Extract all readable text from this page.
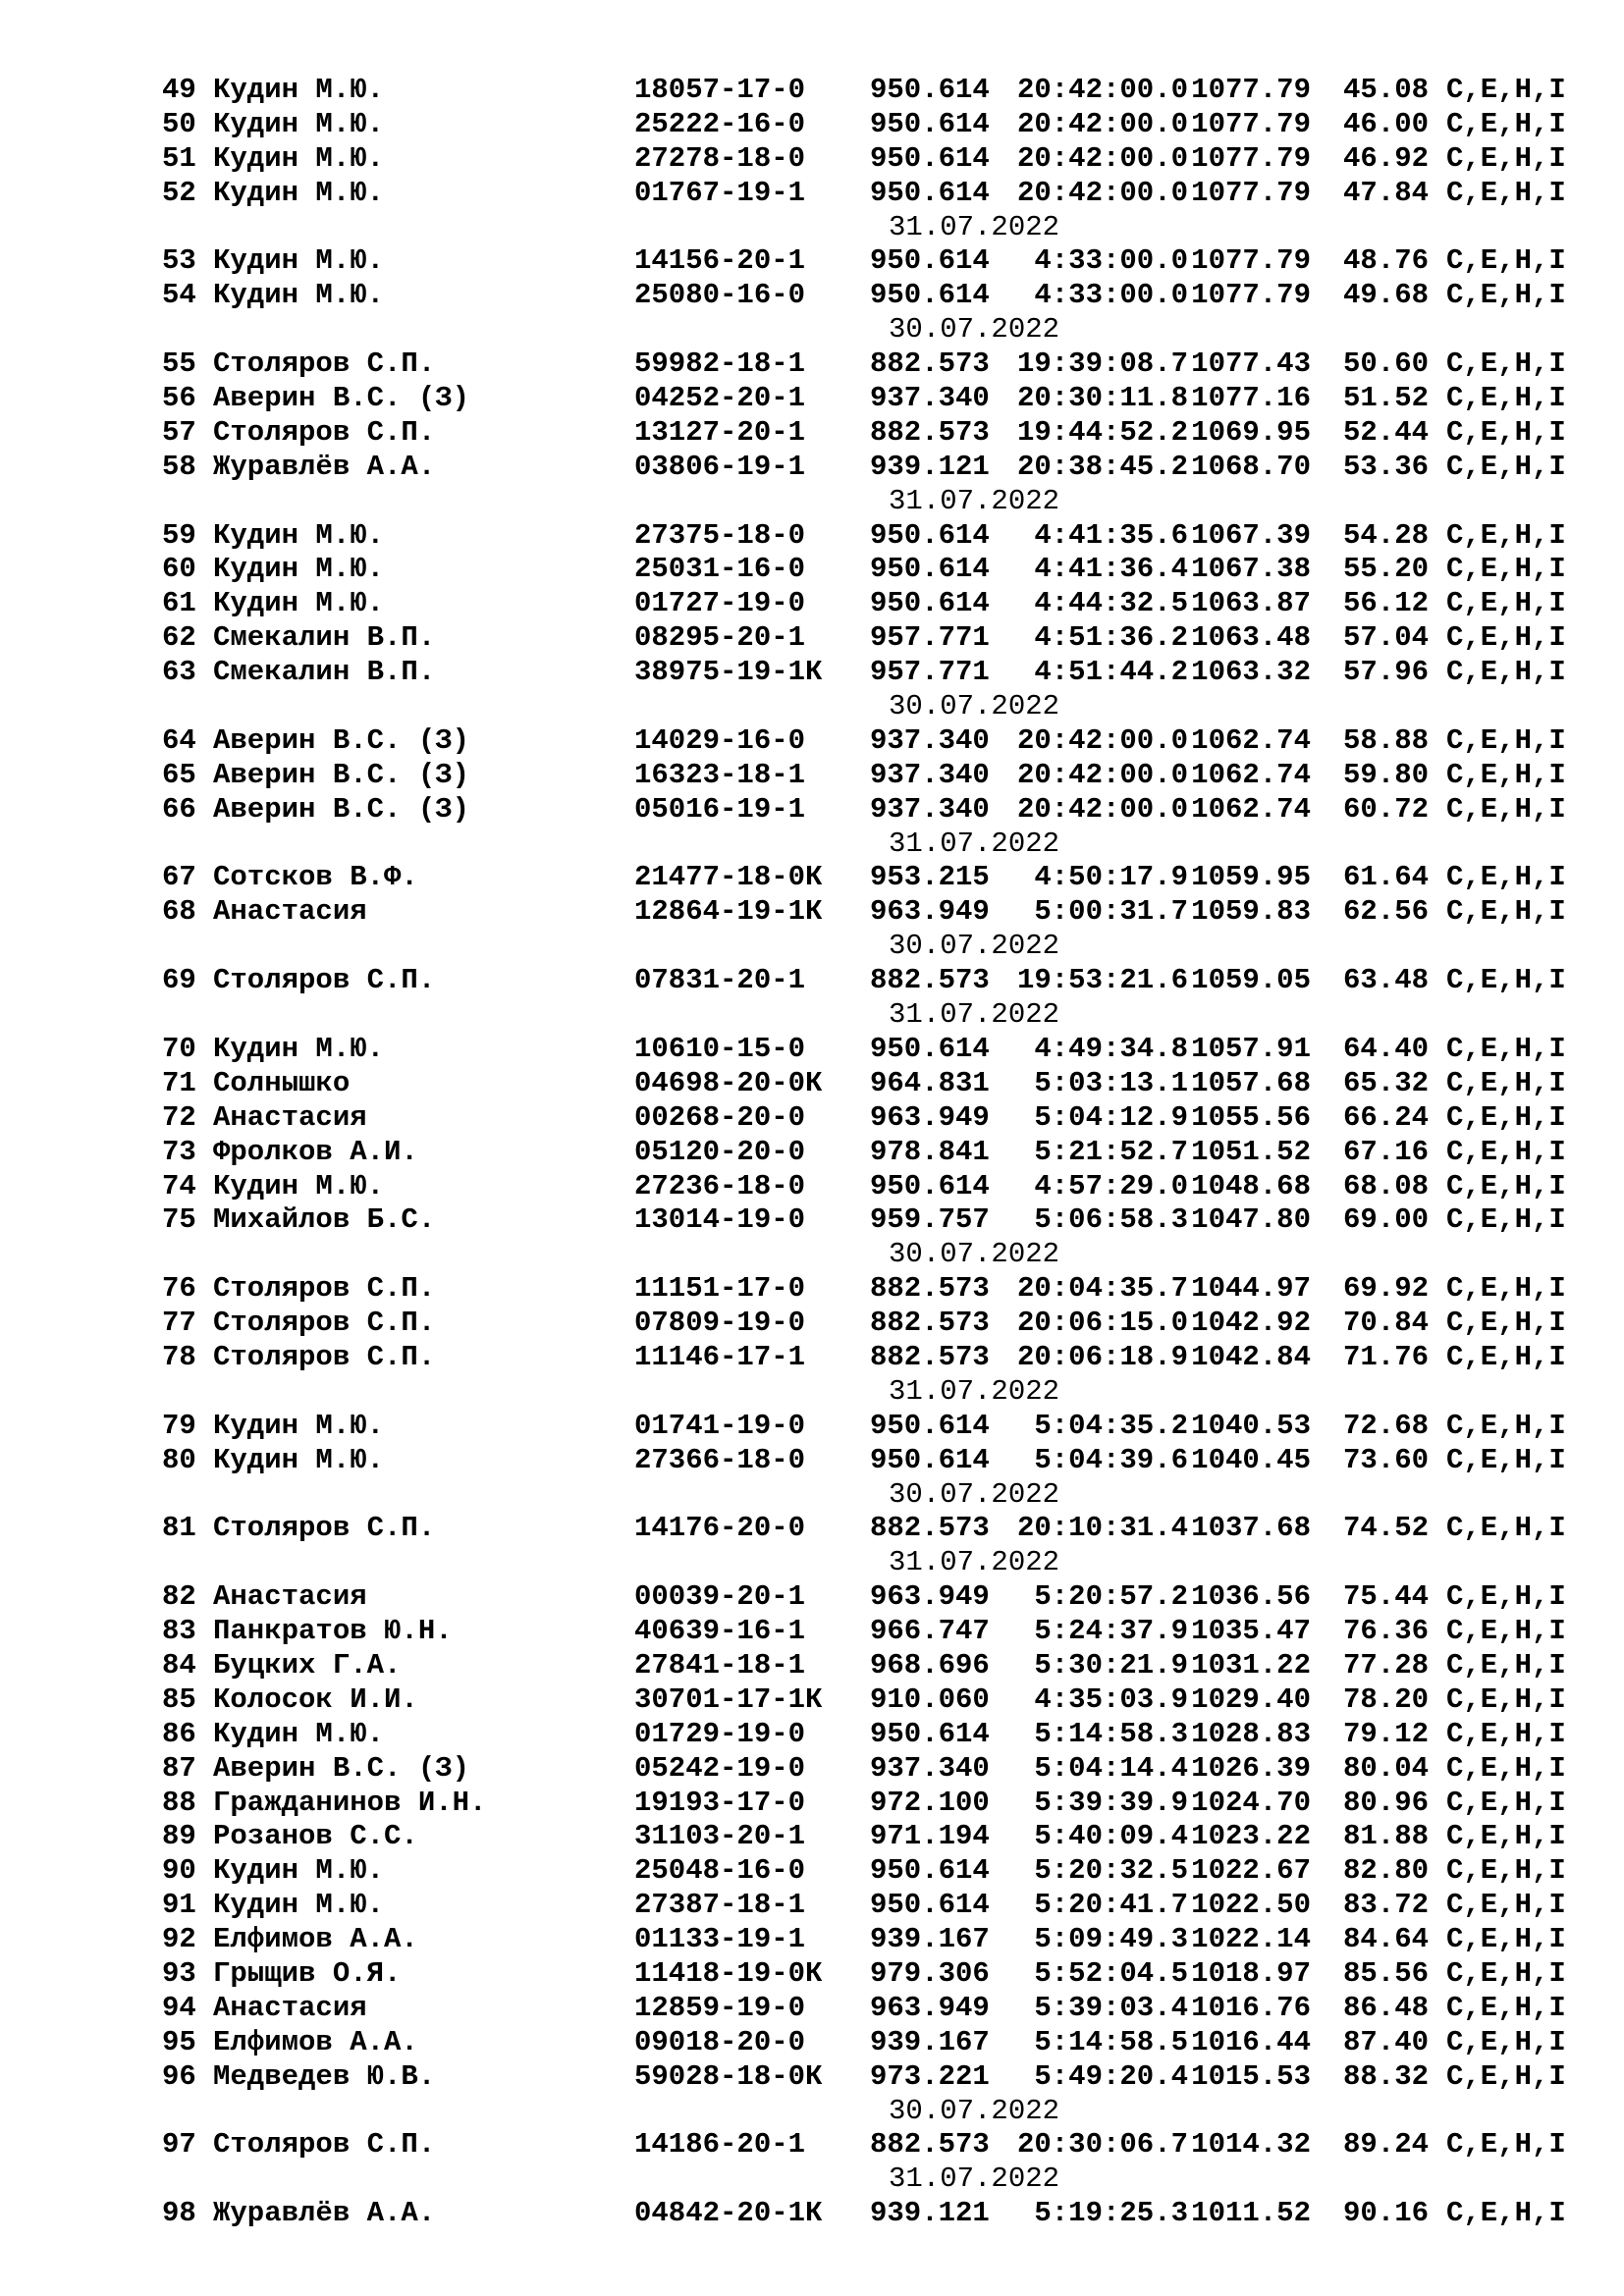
49 Кудин М.Ю.	18057-17-0 950.614 20:42:00.0 1077.79 45.08 C,E,H,I
50 Кудин М.Ю.	25222-16-0 950.614 20:42:00.0 1077.79 46.00 C,E,H,I
51 Кудин М.Ю.	27278-18-0 950.614 20:42:00.0 1077.79 46.92 C,E,H,I
52 Кудин М.Ю.	01767-19-1 950.614 20:42:00.0 1077.79 47.84 C,E,H,I
31.07.2022
53 Кудин М.Ю.	14156-20-1 950.614 4:33:00.0 1077.79 48.76 C,E,H,I
54 Кудин М.Ю.	25080-16-0 950.614 4:33:00.0 1077.79 49.68 C,E,H,I
30.07.2022
55 Столяров С.П.	59982-18-1 882.573 19:39:08.7 1077.43 50.60 C,E,H,I
56 Аверин В.С. (З)	04252-20-1 937.340 20:30:11.8 1077.16 51.52 C,E,H,I
57 Столяров С.П.	13127-20-1 882.573 19:44:52.2 1069.95 52.44 C,E,H,I
58 Журавлёв А.А.	03806-19-1 939.121 20:38:45.2 1068.70 53.36 C,E,H,I
31.07.2022
59 Кудин М.Ю.	27375-18-0 950.614 4:41:35.6 1067.39 54.28 C,E,H,I
60 Кудин М.Ю.	25031-16-0 950.614 4:41:36.4 1067.38 55.20 C,E,H,I
61 Кудин М.Ю.	01727-19-0 950.614 4:44:32.5 1063.87 56.12 C,E,H,I
62 Смекалин В.П.	08295-20-1 957.771 4:51:36.2 1063.48 57.04 C,E,H,I
63 Смекалин В.П.	38975-19-1К 957.771 4:51:44.2 1063.32 57.96 C,E,H,I
30.07.2022
64 Аверин В.С. (З)	14029-16-0 937.340 20:42:00.0 1062.74 58.88 C,E,H,I
65 Аверин В.С. (З)	16323-18-1 937.340 20:42:00.0 1062.74 59.80 C,E,H,I
66 Аверин В.С. (З)	05016-19-1 937.340 20:42:00.0 1062.74 60.72 C,E,H,I
31.07.2022
67 Сотсков В.Ф.	21477-18-0К 953.215 4:50:17.9 1059.95 61.64 C,E,H,I
68 Анастасия	12864-19-1К 963.949 5:00:31.7 1059.83 62.56 C,E,H,I
30.07.2022
69 Столяров С.П.	07831-20-1 882.573 19:53:21.6 1059.05 63.48 C,E,H,I
31.07.2022
70 Кудин М.Ю.	10610-15-0 950.614 4:49:34.8 1057.91 64.40 C,E,H,I
71 Солнышко	04698-20-0К 964.831 5:03:13.1 1057.68 65.32 C,E,H,I
72 Анастасия	00268-20-0 963.949 5:04:12.9 1055.56 66.24 C,E,H,I
73 Фролков А.И.	05120-20-0 978.841 5:21:52.7 1051.52 67.16 C,E,H,I
74 Кудин М.Ю.	27236-18-0 950.614 4:57:29.0 1048.68 68.08 C,E,H,I
75 Михайлов Б.С.	13014-19-0 959.757 5:06:58.3 1047.80 69.00 C,E,H,I
30.07.2022
76 Столяров С.П.	11151-17-0 882.573 20:04:35.7 1044.97 69.92 C,E,H,I
77 Столяров С.П.	07809-19-0 882.573 20:06:15.0 1042.92 70.84 C,E,H,I
78 Столяров С.П.	11146-17-1 882.573 20:06:18.9 1042.84 71.76 C,E,H,I
31.07.2022
79 Кудин М.Ю.	01741-19-0 950.614 5:04:35.2 1040.53 72.68 C,E,H,I
80 Кудин М.Ю.	27366-18-0 950.614 5:04:39.6 1040.45 73.60 C,E,H,I
30.07.2022
81 Столяров С.П.	14176-20-0 882.573 20:10:31.4 1037.68 74.52 C,E,H,I
31.07.2022
82 Анастасия	00039-20-1 963.949 5:20:57.2 1036.56 75.44 C,E,H,I
83 Панкратов Ю.Н.	40639-16-1 966.747 5:24:37.9 1035.47 76.36 C,E,H,I
84 Буцких Г.А.	27841-18-1 968.696 5:30:21.9 1031.22 77.28 C,E,H,I
85 Колосок И.И.	30701-17-1К 910.060 4:35:03.9 1029.40 78.20 C,E,H,I
86 Кудин М.Ю.	01729-19-0 950.614 5:14:58.3 1028.83 79.12 C,E,H,I
87 Аверин В.С. (З)	05242-19-0 937.340 5:04:14.4 1026.39 80.04 C,E,H,I
88 Гражданинов И.Н.	19193-17-0 972.100 5:39:39.9 1024.70 80.96 C,E,H,I
89 Розанов С.С.	31103-20-1 971.194 5:40:09.4 1023.22 81.88 C,E,H,I
90 Кудин М.Ю.	25048-16-0 950.614 5:20:32.5 1022.67 82.80 C,E,H,I
91 Кудин М.Ю.	27387-18-1 950.614 5:20:41.7 1022.50 83.72 C,E,H,I
92 Елфимов А.А.	01133-19-1 939.167 5:09:49.3 1022.14 84.64 C,E,H,I
93 Грыщив О.Я.	11418-19-0К 979.306 5:52:04.5 1018.97 85.56 C,E,H,I
94 Анастасия	12859-19-0 963.949 5:39:03.4 1016.76 86.48 C,E,H,I
95 Елфимов А.А.	09018-20-0 939.167 5:14:58.5 1016.44 87.40 C,E,H,I
96 Медведев Ю.В.	59028-18-0К 973.221 5:49:20.4 1015.53 88.32 C,E,H,I
30.07.2022
97 Столяров С.П.	14186-20-1 882.573 20:30:06.7 1014.32 89.24 C,E,H,I
31.07.2022
98 Журавлёв А.А.	04842-20-1К 939.121 5:19:25.3 1011.52 90.16 C,E,H,I
